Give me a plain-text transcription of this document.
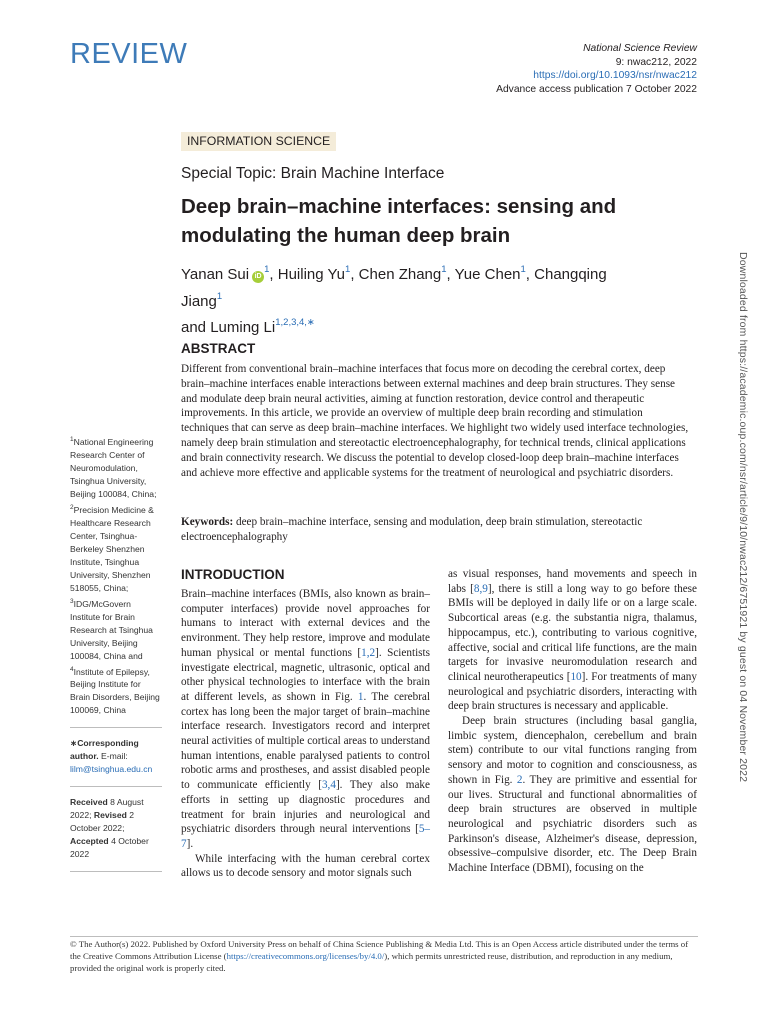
REVIEW	National Science Review
9: nwac212, 2022
https://doi.org/10.1093/nsr/nwac212
Advance access publication 7 October 2022
INFORMATION SCIENCE
Special Topic: Brain Machine Interface
Deep brain–machine interfaces: sensing and modulating the human deep brain
Yanan Sui $iD^1$, Huiling Yu$^1$, Chen Zhang$^1$, Yue Chen$^1$, Changqing Jiang$^1$
and Luming $Li^{1,2,3,4,∗}$
ABSTRACT

Different from conventional brain–machine interfaces that focus more on decoding the cerebral cortex, deep brain–machine interfaces enable interactions between external machines and deep brain structures. They sense and modulate deep brain neural activities, aiming at function restoration, device control and therapeutic improvements. In this article, we provide an overview of multiple deep brain recording and stimulation techniques that can serve as deep brain–machine interfaces. We highlight two widely used interface technologies, namely deep brain stimulation and stereotactic electroencephalography, for technical trends, clinical applications and brain connectivity research. We discuss the potential to develop closed-loop deep brain–machine interfaces and achieve more effective and applicable systems for the treatment of neurological and psychiatric disorders.

Keywords: deep brain–machine interface, sensing and modulation, deep brain stimulation, stereotactic electroencephalography
$^1$National Engineering Research Center of Neuromodulation, Tsinghua University, Beijing 100084, China; $^2$Precision Medicine & Healthcare Research Center, Tsinghua-Berkeley Shenzhen Institute, Tsinghua University, Shenzhen 518055, China; $^3$IDG/McGovern Institute for Brain Research at Tsinghua University, Beijing 100084, China and $^4$Institute of Epilepsy, Beijing Institute for Brain Disorders, Beijing 100069, China
∗Corresponding author. E-mail:
lilm@tsinghua.edu.cn
Received 8 August 2022; Revised 2 October 2022; Accepted 4 October 2022
INTRODUCTION

Brain–machine interfaces (BMIs, also known as brain–computer interfaces) provide novel approaches for humans to interact with external devices and the environment. They help restore, improve and modulate human physical or mental functions [1,2]. Scientists investigate electrical, magnetic, ultrasonic, optical and other physical technologies to interface with the brain at different levels, as shown in Fig. 1. The cerebral cortex has long been the major target of brain–machine interface research. Investigators record and interpret neural activities of multiple cortical areas to understand human intentions, enable paralysed patients to control robotic arms and prostheses, and assist disabled people to communicate efficiently [3,4]. They also make efforts in setting up diagnostic procedures and treatment for brain injuries and neurological and psychiatric disorders through neural interventions [5–7].

While interfacing with the human cerebral cortex allows us to decode sensory and motor signals such

as visual responses, hand movements and speech in labs [8,9], there is still a long way to go before these BMIs will be deployed in daily life or on a large scale. Subcortical areas (e.g. the substantia nigra, thalamus, hippocampus, etc.), contributing to various cognitive, affective, social and critical life functions, are the main targets for invasive neuromodulation research and clinical neurotherapeutics [10]. For treatments of many neurological and psychiatric disorders, interacting with deep brain structures is necessary and applicable.

Deep brain structures (including basal ganglia, limbic system, diencephalon, cerebellum and brain stem) contribute to our vital functions ranging from sensory and motor to cognition and consciousness, as shown in Fig. 2. They are primitive and essential for our lives. Structural and functional abnormalities of deep brain structures are observed in multiple neurological and psychiatric disorders such as Parkinson's disease, Alzheimer's disease, depression, obsessive–compulsive disorder, etc. The Deep Brain Machine Interface (DBMI), focusing on the

Downloaded from https://academic.oup.com/nsr/article/9/10/nwac212/6751921 by guest on 04 November 2022
© The Author(s) 2022. Published by Oxford University Press on behalf of China Science Publishing & Media Ltd. This is an Open Access article distributed under the terms of the Creative Commons Attribution License (https://creativecommons.org/licenses/by/4.0/), which permits unrestricted reuse, distribution, and reproduction in any medium, provided the original work is properly cited.
